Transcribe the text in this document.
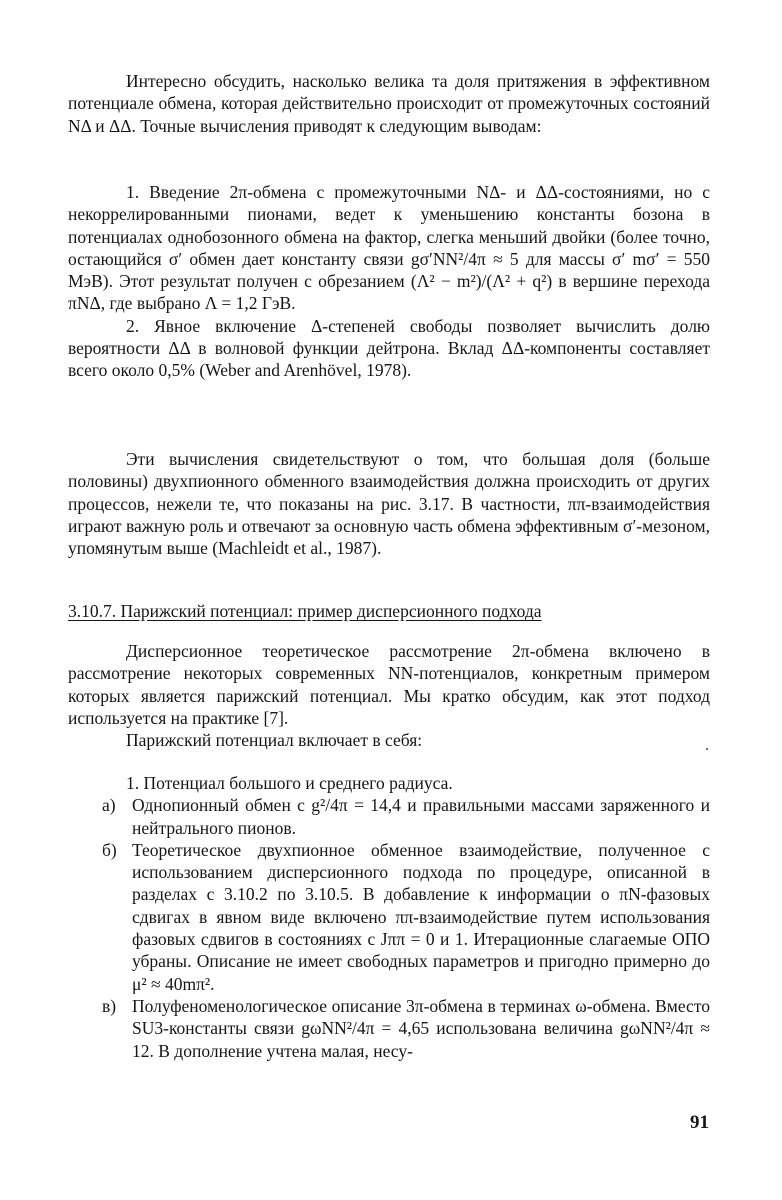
Интересно обсудить, насколько велика та доля притяжения в эффективном потенциале обмена, которая действительно происходит от промежуточных состояний NΔ и ΔΔ. Точные вычисления приводят к следующим выводам:

1. Введение 2π-обмена с промежуточными NΔ- и ΔΔ-состояниями, но с некоррелированными пионами, ведет к уменьшению константы бозона в потенциалах однобозонного обмена на фактор, слегка меньший двойки (более точно, остающийся σ′ обмен дает константу связи gσ′NN²/4π ≈ 5 для массы σ′ mσ′ = 550 МэВ). Этот результат получен с обрезанием (Λ² − m²)/(Λ² + q²) в вершине перехода πNΔ, где выбрано Λ = 1,2 ГэВ.

2. Явное включение Δ-степеней свободы позволяет вычислить долю вероятности ΔΔ в волновой функции дейтрона. Вклад ΔΔ-компоненты составляет всего около 0,5% (Weber and Arenhövel, 1978).

Эти вычисления свидетельствуют о том, что большая доля (больше половины) двухпионного обменного взаимодействия должна происходить от других процессов, нежели те, что показаны на рис. 3.17. В частности, ππ-взаимодействия играют важную роль и отвечают за основную часть обмена эффективным σ′-мезоном, упомянутым выше (Machleidt et al., 1987).

3.10.7. Парижский потенциал: пример дисперсионного подхода

Дисперсионное теоретическое рассмотрение 2π-обмена включено в рассмотрение некоторых современных NN-потенциалов, конкретным примером которых является парижский потенциал. Мы кратко обсудим, как этот подход используется на практике [7].

Парижский потенциал включает в себя:

1. Потенциал большого и среднего радиуса.

а) Однопионный обмен с g²/4π = 14,4 и правильными массами заряженного и нейтрального пионов.

б) Теоретическое двухпионное обменное взаимодействие, полученное с использованием дисперсионного подхода по процедуре, описанной в разделах с 3.10.2 по 3.10.5. В добавление к информации о πN-фазовых сдвигах в явном виде включено ππ-взаимодействие путем использования фазовых сдвигов в состояниях с Jππ = 0 и 1. Итерационные слагаемые ОПО убраны. Описание не имеет свободных параметров и пригодно примерно до μ² ≈ 40mπ².

в) Полуфеноменологическое описание 3π-обмена в терминах ω-обмена. Вместо SU3-константы связи gωNN²/4π = 4,65 использована величина gωNN²/4π ≈ 12. В дополнение учтена малая, несу-

91
